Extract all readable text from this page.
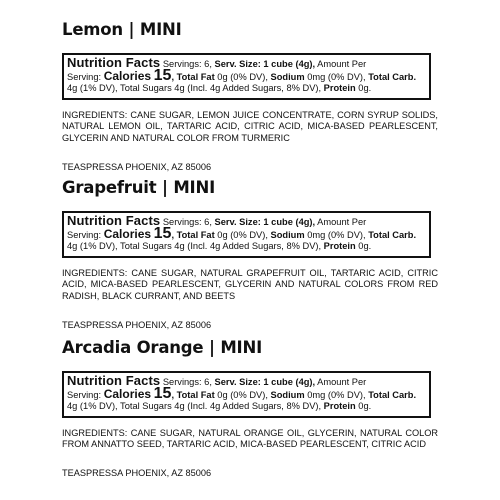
Lemon | MINI
Nutrition Facts Servings: 6, Serv. Size: 1 cube (4g), Amount Per
Serving: Calories 15, Total Fat 0g (0% DV), Sodium 0mg (0% DV), Total Carb. 4g (1% DV), Total Sugars 4g (Incl. 4g Added Sugars, 8% DV), Protein 0g.
INGREDIENTS: CANE SUGAR, LEMON JUICE CONCENTRATE, CORN SYRUP SOLIDS, NATURAL LEMON OIL, TARTARIC ACID, CITRIC ACID, MICA-BASED PEARLESCENT, GLYCERIN AND NATURAL COLOR FROM TURMERIC
TEASPRESSA PHOENIX, AZ 85006
Grapefruit | MINI
Nutrition Facts Servings: 6, Serv. Size: 1 cube (4g), Amount Per
Serving: Calories 15, Total Fat 0g (0% DV), Sodium 0mg (0% DV), Total Carb. 4g (1% DV), Total Sugars 4g (Incl. 4g Added Sugars, 8% DV), Protein 0g.
INGREDIENTS: CANE SUGAR, NATURAL GRAPEFRUIT OIL, TARTARIC ACID, CITRIC ACID, MICA-BASED PEARLESCENT, GLYCERIN AND NATURAL COLORS FROM RED RADISH, BLACK CURRANT, AND BEETS
TEASPRESSA PHOENIX, AZ 85006
Arcadia Orange | MINI
Nutrition Facts Servings: 6, Serv. Size: 1 cube (4g), Amount Per
Serving: Calories 15, Total Fat 0g (0% DV), Sodium 0mg (0% DV), Total Carb. 4g (1% DV), Total Sugars 4g (Incl. 4g Added Sugars, 8% DV), Protein 0g.
INGREDIENTS: CANE SUGAR, NATURAL ORANGE OIL, GLYCERIN, NATURAL COLOR FROM ANNATTO SEED, TARTARIC ACID, MICA-BASED PEARLESCENT, CITRIC ACID
TEASPRESSA PHOENIX, AZ 85006
